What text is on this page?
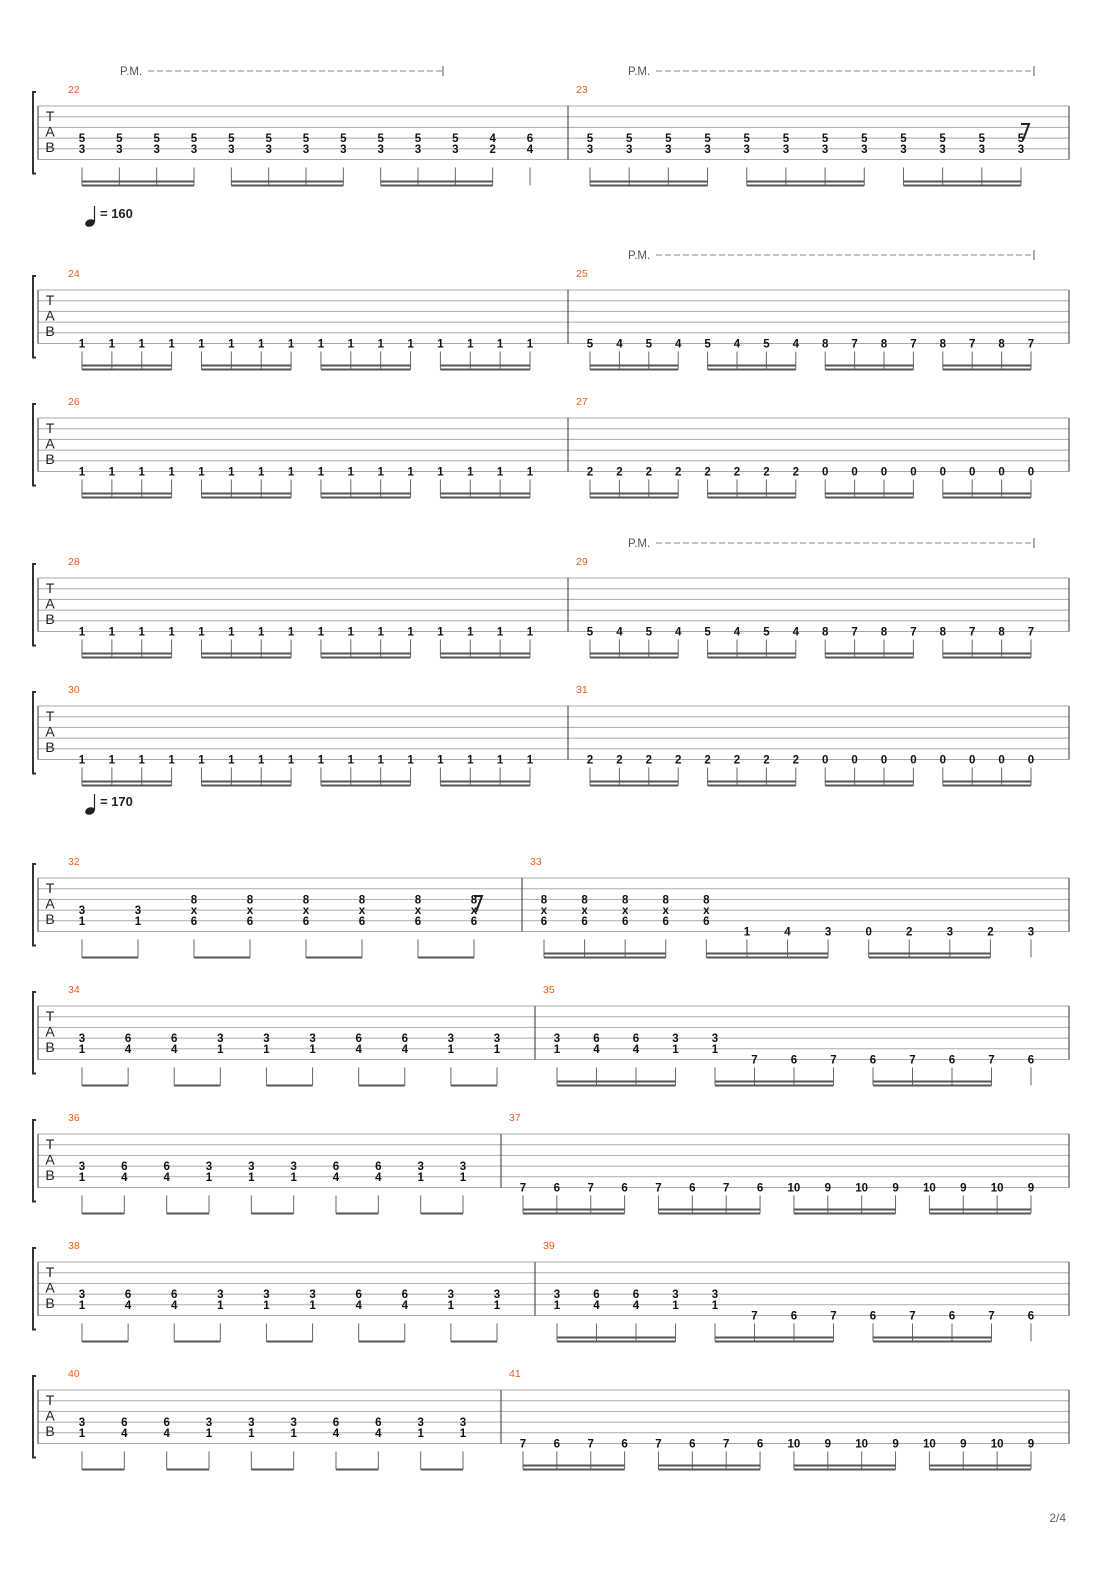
2/4
T
A
B
22
P.M.
5
3
5
3
5
3
5
3
5
3
5
3
5
3
5
3
5
3
5
3
5
3
4
2
6
4
23
P.M.
5
3
5
3
5
3
5
3
5
3
5
3
5
3
5
3
5
3
5
3
5
3
5
3
T
A
B
= 160
24
1 1 1 1 1 1 1 1 1 1 1 1 1 1 1 1
25
P.M.
5 4 5 4 5 4 5 4 8 7 8 7 8 7 8 7
T
A
B
26
1 1 1 1 1 1 1 1 1 1 1 1 1 1 1 1
27
2 2 2 2 2 2 2 2 0 0 0 0 0 0 0 0
T
A
B
28
1 1 1 1 1 1 1 1 1 1 1 1 1 1 1 1
29
P.M.
5 4 5 4 5 4 5 4 8 7 8 7 8 7 8 7
T
A
B
30
1 1 1 1 1 1 1 1 1 1 1 1 1 1 1 1
31
2 2 2 2 2 2 2 2 0 0 0 0 0 0 0 0
T
A
B
= 170
32
3
1
3
1
8
x
6
8
x
6
8
x
6
8
x
6
8
x
6
8
x
6
33
8
x
6
8
x
6
8
x
6
8
x
6
8
x
6
1	4	3	0	2	3	2	3
T
A
B
34
3
1
6
4
6
4
3
1
3
1
3
1
6
4
6
4
3
1
3
1
35
3
1
6
4
6
4
3
1
3
1
7	6	7	6	7	6	7	6
T
A
B
36
3
1
6
4
6
4
3
1
3
1
3
1
6
4
6
4
3
1
3
1
37
7 6 7 6 7 6 7 6 10 9 10 9 10 9 10 9
T
A
B
38
3
1
6
4
6
4
3
1
3
1
3
1
6
4
6
4
3
1
3
1
39
3
1
6
4
6
4
3
1
3
1
7	6	7	6	7	6	7	6
T
A
B
40
3
1
6
4
6
4
3
1
3
1
3
1
6
4
6
4
3
1
3
1
41
7 6 7 6 7 6 7 6 10 9 10 9 10 9 10 9
